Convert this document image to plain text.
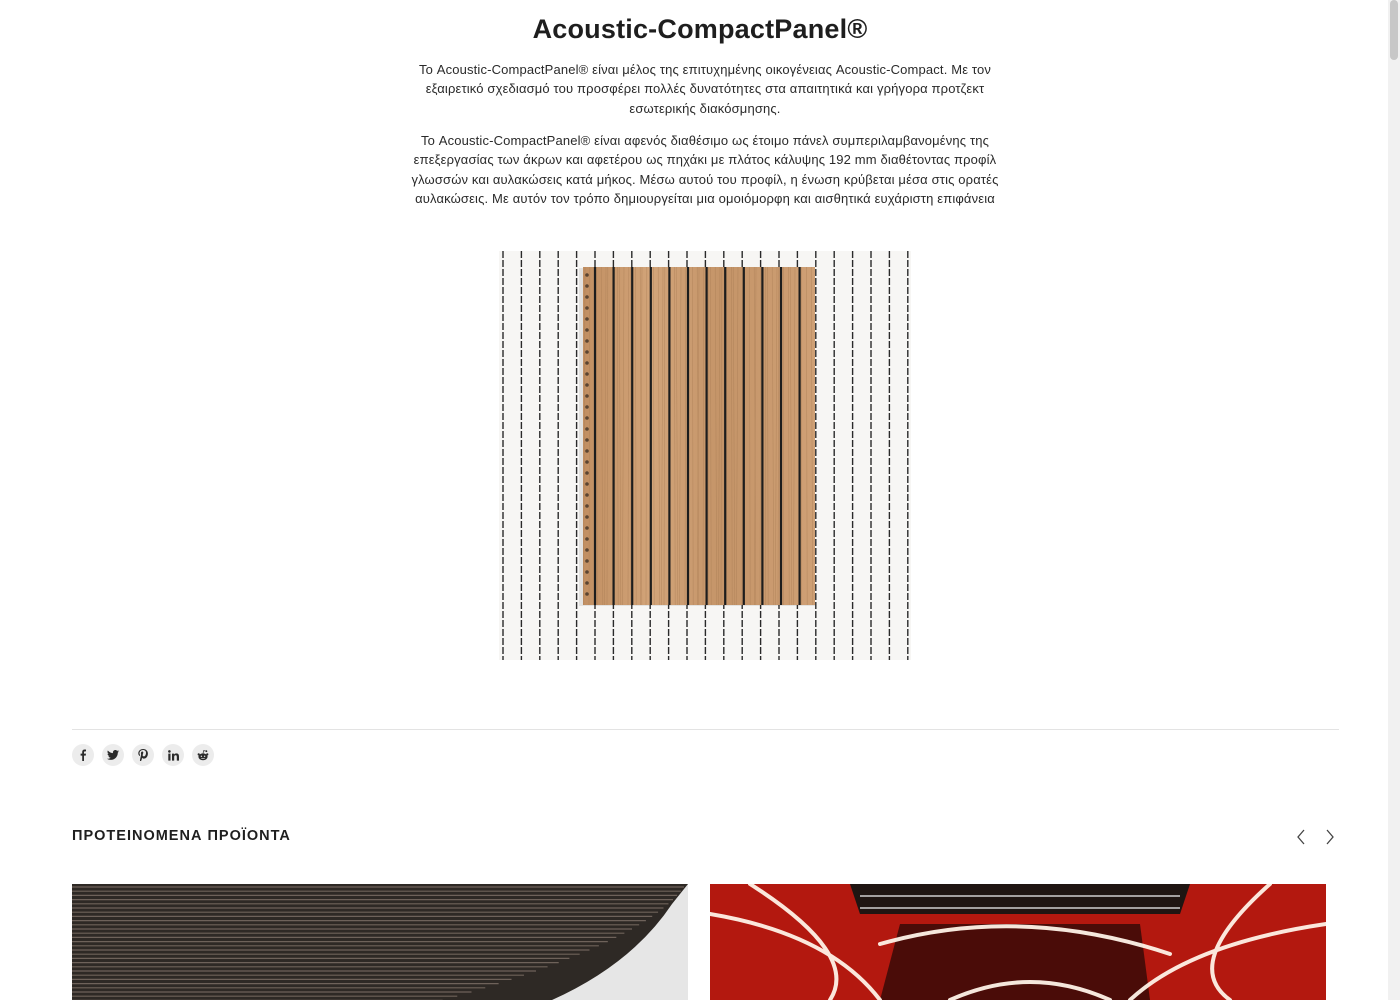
Acoustic-CompactPanel®

Το Acoustic-CompactPanel® είναι μέλος της επιτυχημένης οικογένειας Acoustic-Compact. Με τον εξαιρετικό σχεδιασμό του προσφέρει πολλές δυνατότητες στα απαιτητικά και γρήγορα προτζεκτ εσωτερικής διακόσμησης.

Το Acoustic-CompactPanel® είναι αφενός διαθέσιμο ως έτοιμο πάνελ συμπεριλαμβανομένης της επεξεργασίας των άκρων και αφετέρου ως πηχάκι με πλάτος κάλυψης 192 mm διαθέτοντας προφίλ γλωσσών και αυλακώσεις κατά μήκος. Μέσω αυτού του προφίλ, η ένωση κρύβεται μέσα στις ορατές αυλακώσεις. Με αυτόν τον τρόπο δημιουργείται μια ομοιόμορφη και αισθητικά ευχάριστη επιφάνεια

ΠΡΟΤΕΙΝΟΜΕΝΑ ΠΡΟΪΟΝΤΑ
